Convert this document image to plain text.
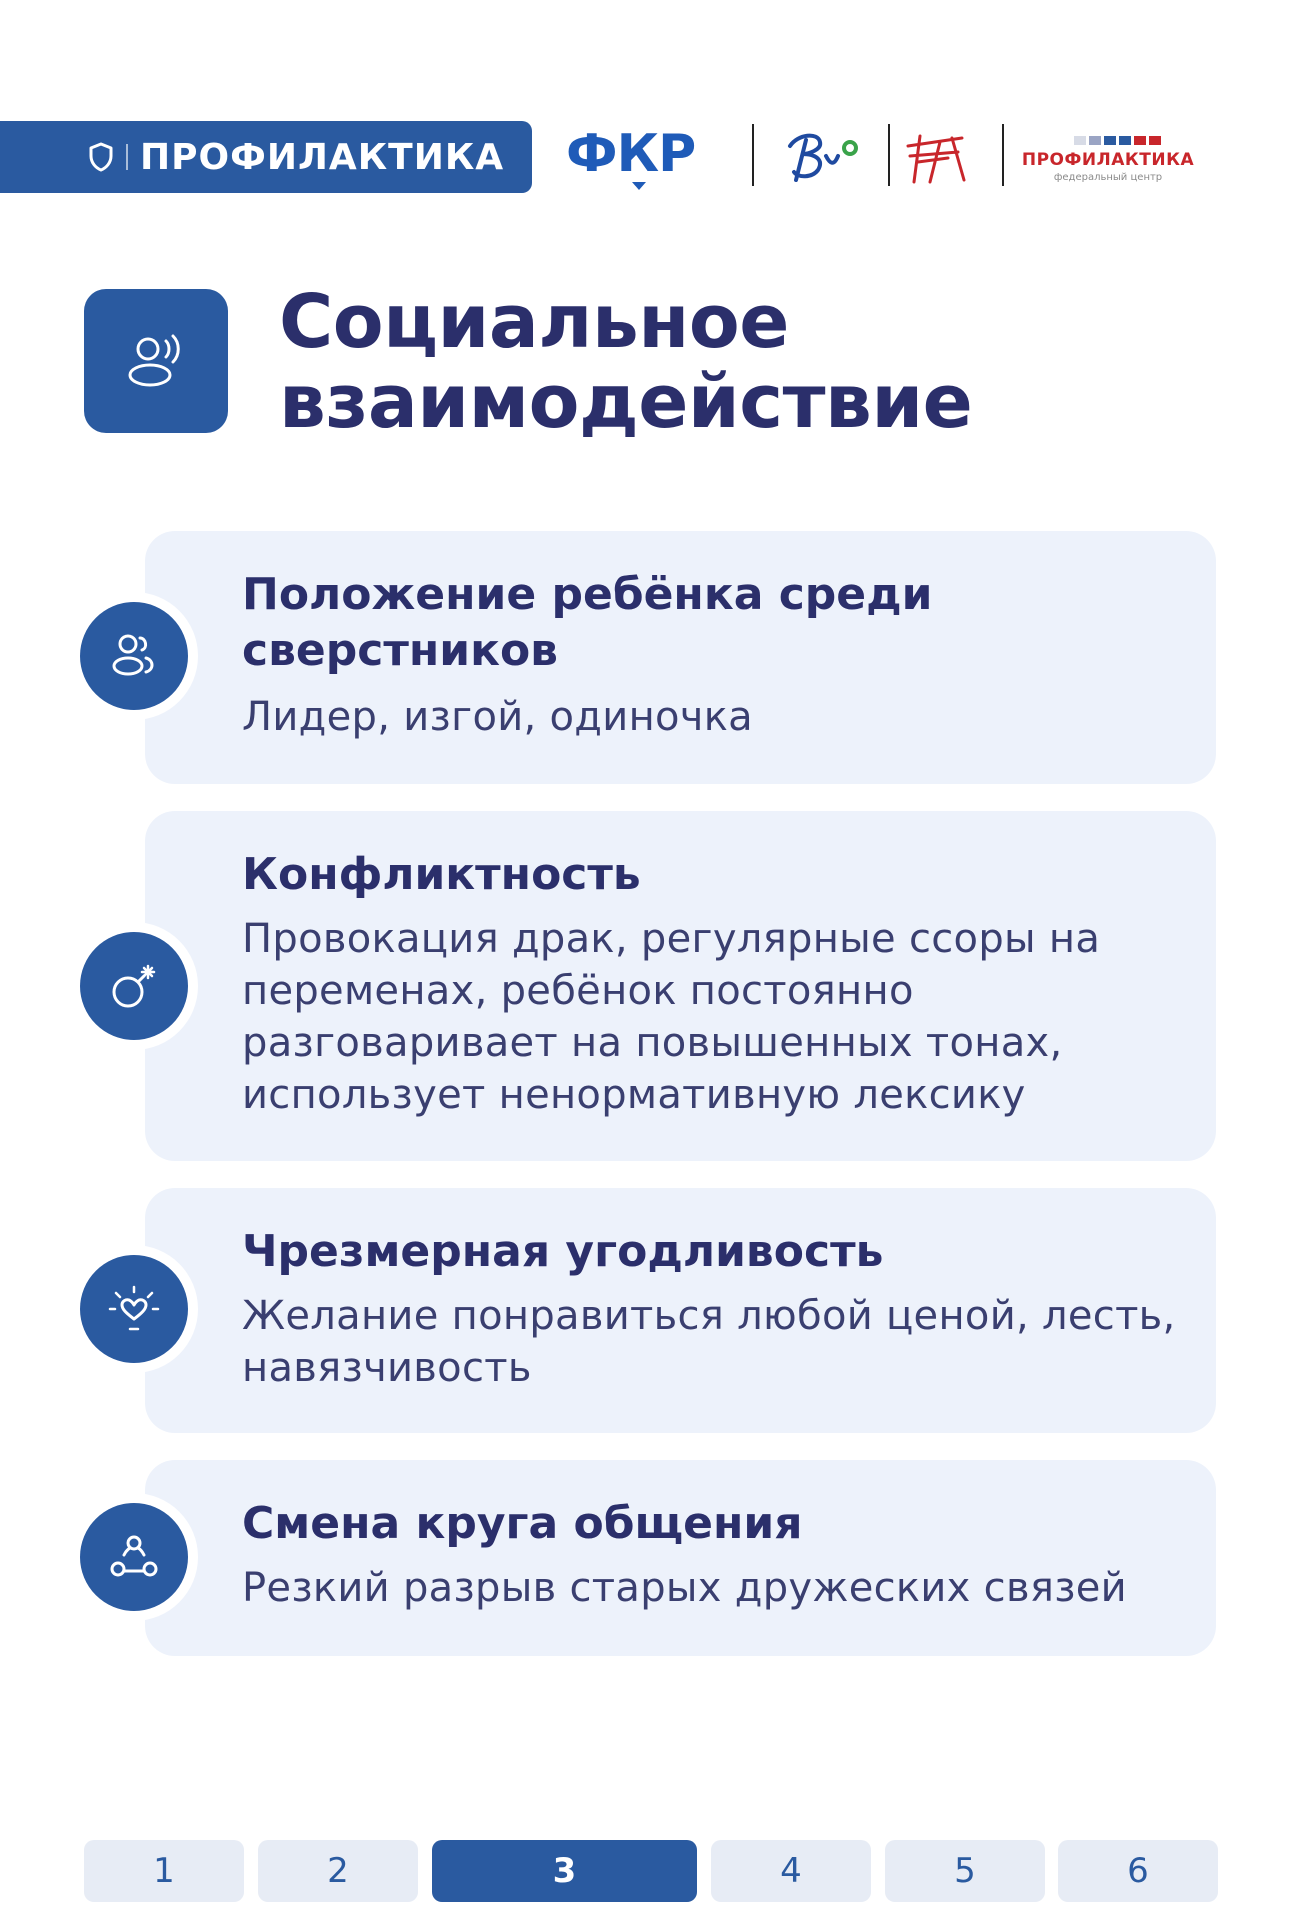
ПРОФИЛАКТИКА ФКР	ПРОФИЛАКТИКА
федеральный центр
Социальное взаимодействие
Положение ребёнка среди сверстников

Лидер, изгой, одиночка

Конфликтность

Провокация драк, регулярные ссоры на переменах, ребёнок постоянно разговаривает на повышенных тонах, использует ненормативную лексику

Чрезмерная угодливость

Желание понравиться любой ценой, лесть, навязчивость

Смена круга общения

Резкий разрыв старых дружеских связей

1	2	3	4	5	6
